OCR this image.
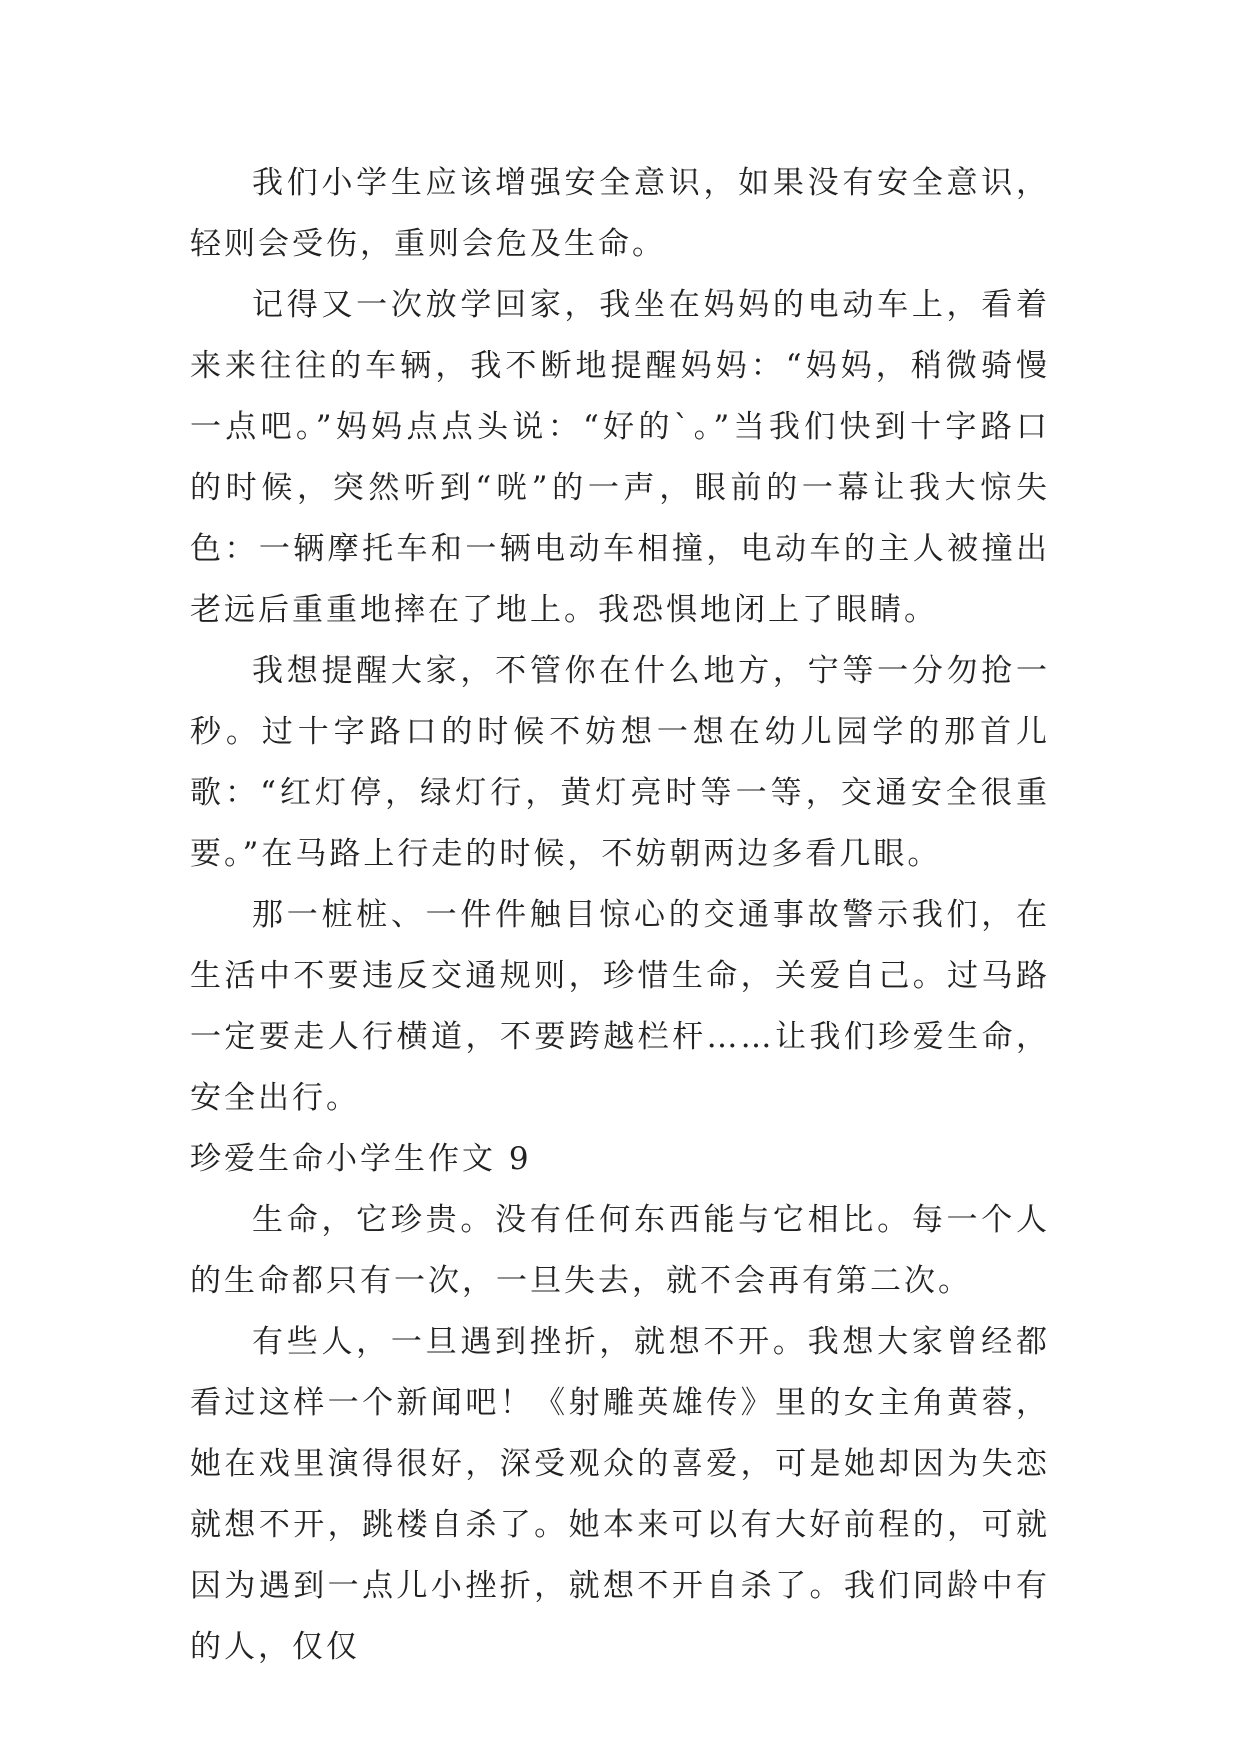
我们小学生应该增强安全意识，如果没有安全意识，轻则会受伤，重则会危及生命。

记得又一次放学回家，我坐在妈妈的电动车上，看着来来往往的车辆，我不断地提醒妈妈：“妈妈，稍微骑慢一点吧。”妈妈点点头说：“好的`。”当我们快到十字路口的时候，突然听到“咣”的一声，眼前的一幕让我大惊失色：一辆摩托车和一辆电动车相撞，电动车的主人被撞出老远后重重地摔在了地上。我恐惧地闭上了眼睛。

我想提醒大家，不管你在什么地方，宁等一分勿抢一秒。过十字路口的时候不妨想一想在幼儿园学的那首儿歌：“红灯停，绿灯行，黄灯亮时等一等，交通安全很重要。”在马路上行走的时候，不妨朝两边多看几眼。

那一桩桩、一件件触目惊心的交通事故警示我们，在生活中不要违反交通规则，珍惜生命，关爱自己。过马路一定要走人行横道，不要跨越栏杆……让我们珍爱生命，安全出行。

珍爱生命小学生作文 9

生命，它珍贵。没有任何东西能与它相比。每一个人的生命都只有一次，一旦失去，就不会再有第二次。

有些人，一旦遇到挫折，就想不开。我想大家曾经都看过这样一个新闻吧！《射雕英雄传》里的女主角黄蓉，她在戏里演得很好，深受观众的喜爱，可是她却因为失恋就想不开，跳楼自杀了。她本来可以有大好前程的，可就因为遇到一点儿小挫折，就想不开自杀了。我们同龄中有的人，仅仅
